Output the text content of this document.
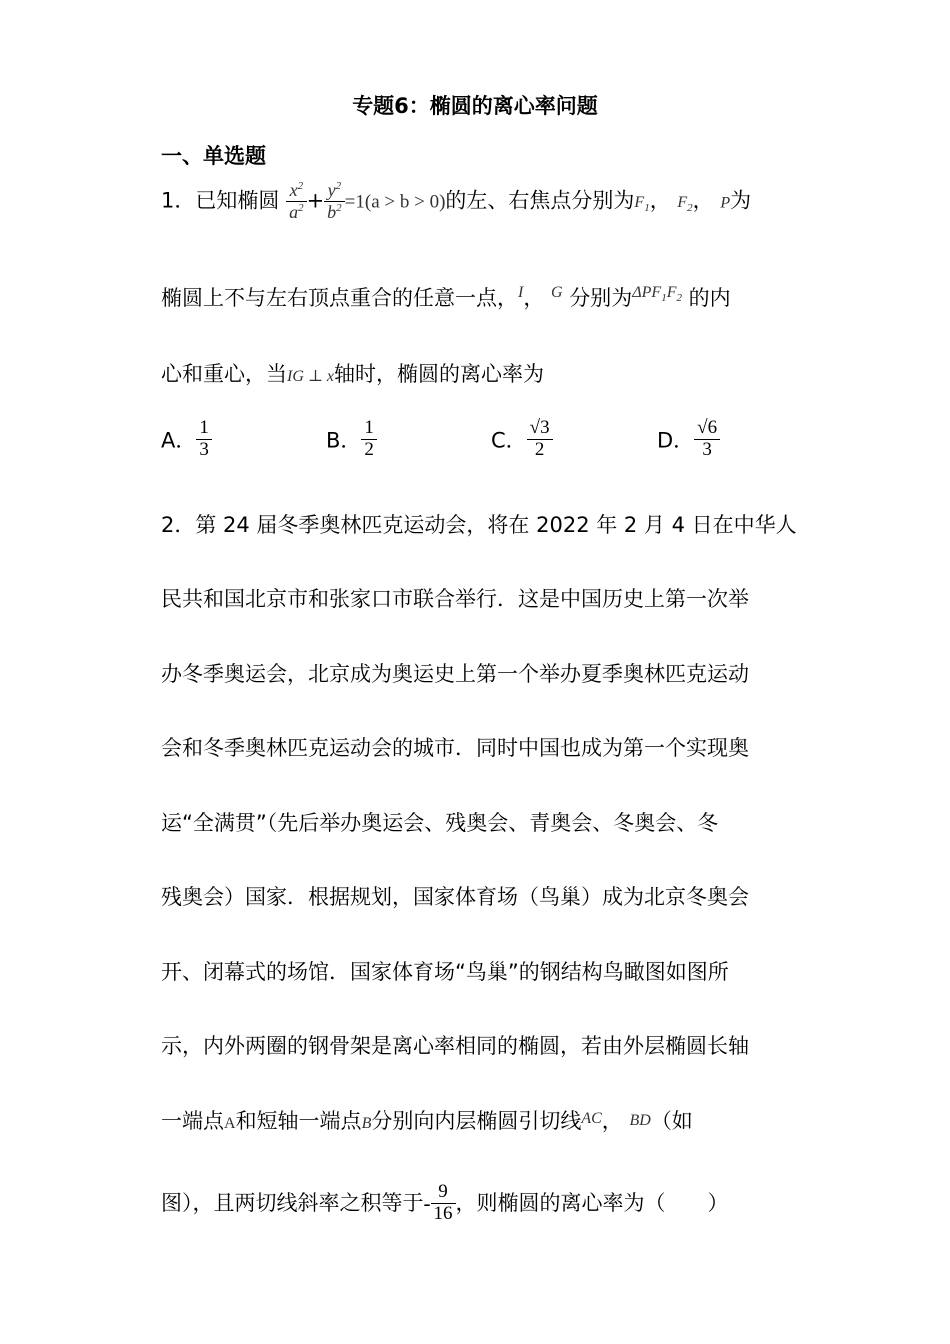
专题6：椭圆的离心率问题
一、单选题
1．已知椭圆 $\frac{x^2}{a^2} + \frac{y^2}{b^2} =1(a > b > 0)$的左、右焦点分别为$F_1$， $F_2$， P为
椭圆上不与左右顶点重合的任意一点，$^I$， $^G$ 分别为$^{\Delta PF_1F_2}$ 的内
心和重心，当IG ⊥ x轴时，椭圆的离心率为
A． $\frac{1}{3}$	B． $\frac{1}{2}$	C． $\frac{√3}{2}$	D． $\frac{√6}{3}$
2．第 24 届冬季奥林匹克运动会，将在 2022 年 2 月 4 日在中华人
民共和国北京市和张家口市联合举行．这是中国历史上第一次举
办冬季奥运会，北京成为奥运史上第一个举办夏季奥林匹克运动
会和冬季奥林匹克运动会的城市．同时中国也成为第一个实现奥
运“全满贯”（先后举办奥运会、残奥会、青奥会、冬奥会、冬
残奥会）国家．根据规划，国家体育场（鸟巢）成为北京冬奥会
开、闭幕式的场馆．国家体育场“鸟巢”的钢结构鸟瞰图如图所
示，内外两圈的钢骨架是离心率相同的椭圆，若由外层椭圆长轴
一端点A和短轴一端点B分别向内层椭圆引切线$^{AC}$， BD（如
图），且两切线斜率之积等于- $\frac{9}{16}$ ，则椭圆的离心率为（　　）
